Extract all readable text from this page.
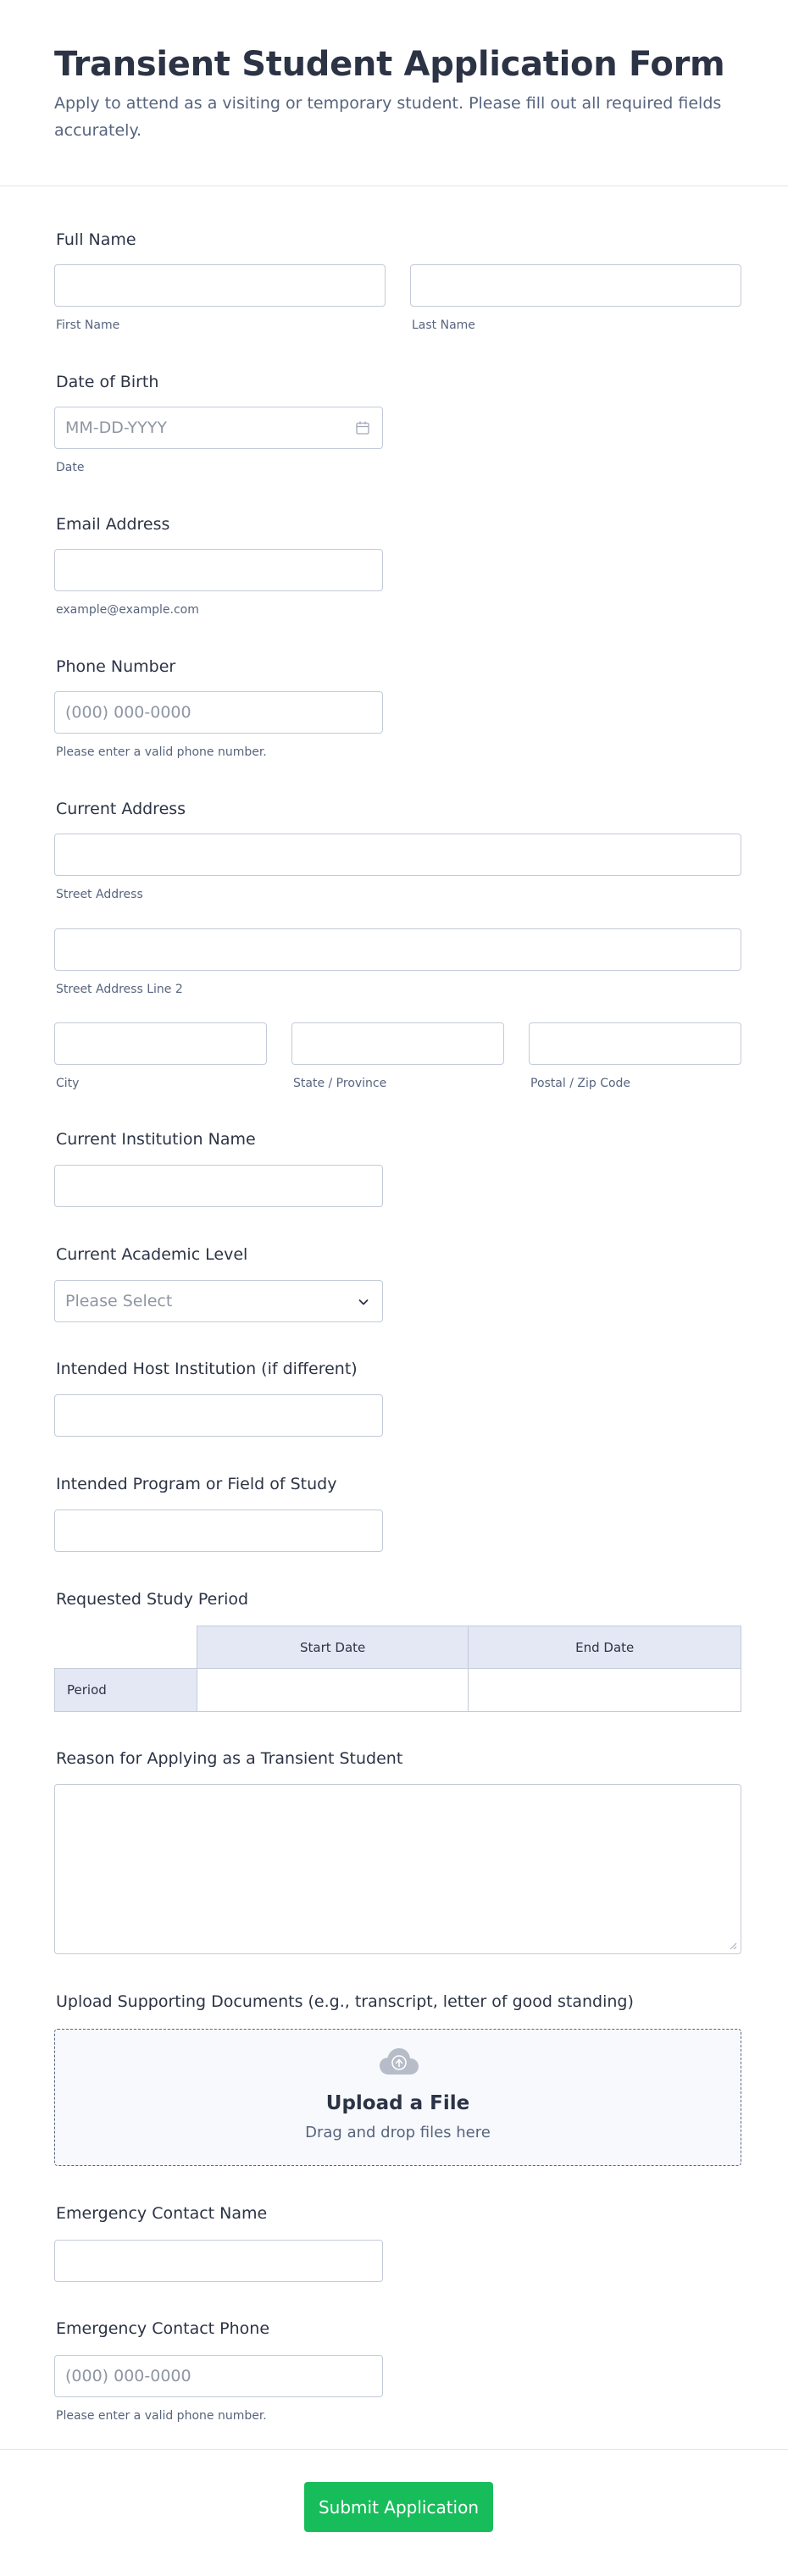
Transient Student Application Form

Apply to attend as a visiting or temporary student. Please fill out all required fields accurately.

Full Name
First Name	Last Name
Date of Birth
MM-DD-YYYY
Date
Email Address
example@example.com
Phone Number
(000) 000-0000
Please enter a valid phone number.
Current Address
Street Address
Street Address Line 2
City	State / Province	Postal / Zip Code
Current Institution Name
Current Academic Level
Please Select
Intended Host Institution (if different)
Intended Program or Field of Study
Requested Study Period
	Start Date	End Date
Period		
Reason for Applying as a Transient Student
Upload Supporting Documents (e.g., transcript, letter of good standing)
Upload a File
Drag and drop files here
Emergency Contact Name
Emergency Contact Phone
(000) 000-0000
Please enter a valid phone number.
Submit Application
